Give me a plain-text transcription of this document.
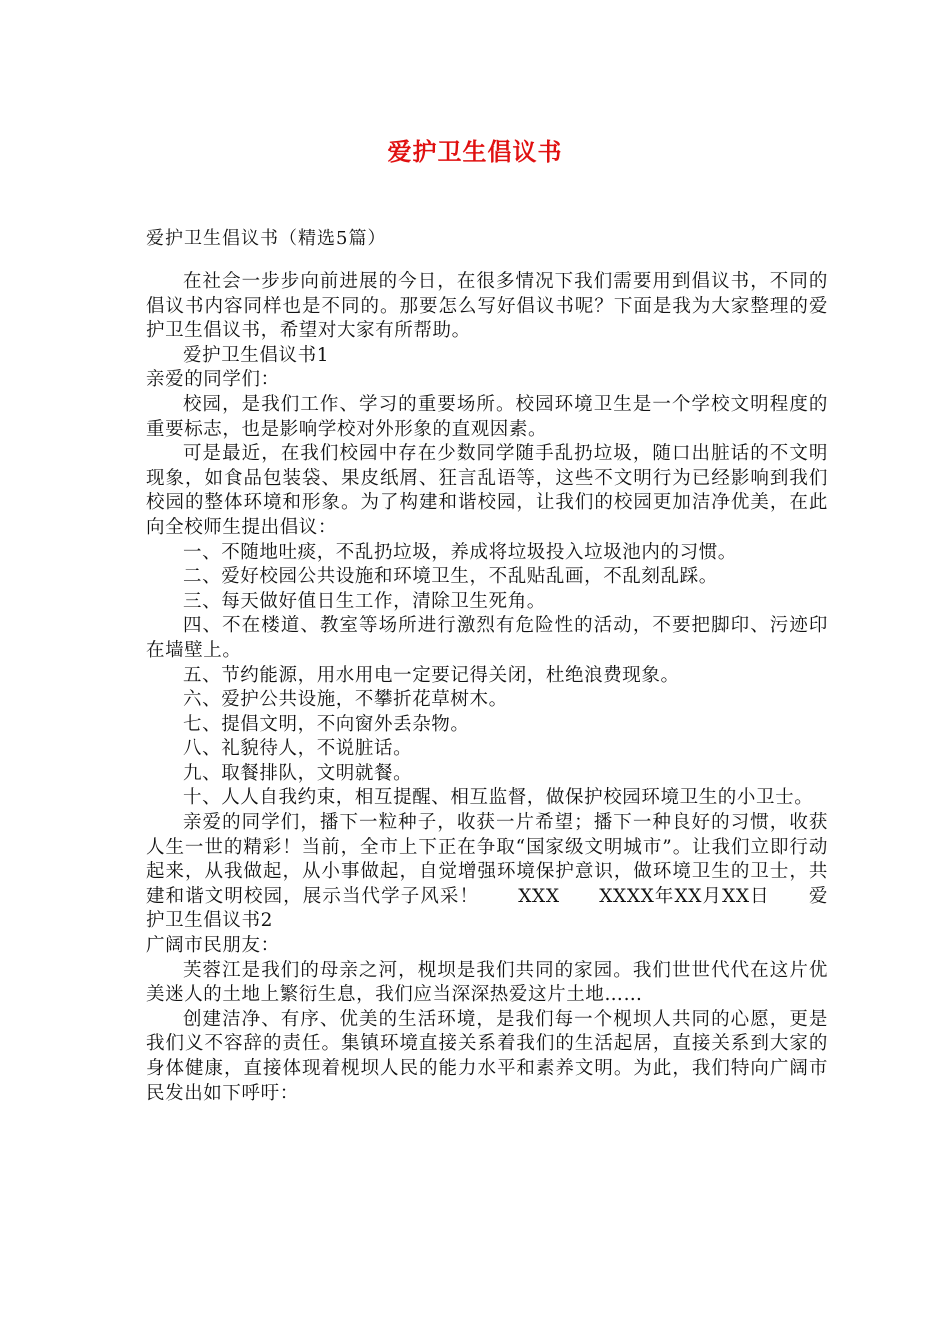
爱护卫生倡议书
爱护卫生倡议书（精选5篇）

在社会一步步向前进展的今日，在很多情况下我们需要用到倡议书，不同的倡议书内容同样也是不同的。那要怎么写好倡议书呢？下面是我为大家整理的爱护卫生倡议书，希望对大家有所帮助。

爱护卫生倡议书1

亲爱的同学们：

校园，是我们工作、学习的重要场所。校园环境卫生是一个学校文明程度的重要标志，也是影响学校对外形象的直观因素。

可是最近，在我们校园中存在少数同学随手乱扔垃圾，随口出脏话的不文明现象，如食品包装袋、果皮纸屑、狂言乱语等，这些不文明行为已经影响到我们校园的整体环境和形象。为了构建和谐校园，让我们的校园更加洁净优美，在此向全校师生提出倡议：

一、不随地吐痰，不乱扔垃圾，养成将垃圾投入垃圾池内的习惯。

二、爱好校园公共设施和环境卫生，不乱贴乱画，不乱刻乱踩。

三、每天做好值日生工作，清除卫生死角。

四、不在楼道、教室等场所进行激烈有危险性的活动，不要把脚印、污迹印在墙壁上。

五、节约能源，用水用电一定要记得关闭，杜绝浪费现象。

六、爱护公共设施，不攀折花草树木。

七、提倡文明，不向窗外丢杂物。

八、礼貌待人，不说脏话。

九、取餐排队，文明就餐。

十、人人自我约束，相互提醒、相互监督，做保护校园环境卫生的小卫士。

亲爱的同学们，播下一粒种子，收获一片希望；播下一种良好的习惯，收获人生一世的精彩！当前，全市上下正在争取“国家级文明城市”。让我们立即行动起来，从我做起，从小事做起，自觉增强环境保护意识，做环境卫生的卫士，共建和谐文明校园，展示当代学子风采！　　XXX　　XXXX年XX月XX日　　爱护卫生倡议书2

广阔市民朋友：

芙蓉江是我们的母亲之河，枧坝是我们共同的家园。我们世世代代在这片优美迷人的土地上繁衍生息，我们应当深深热爱这片土地……

创建洁净、有序、优美的生活环境，是我们每一个枧坝人共同的心愿，更是我们义不容辞的责任。集镇环境直接关系着我们的生活起居，直接关系到大家的身体健康，直接体现着枧坝人民的能力水平和素养文明。为此，我们特向广阔市民发出如下呼吁：
